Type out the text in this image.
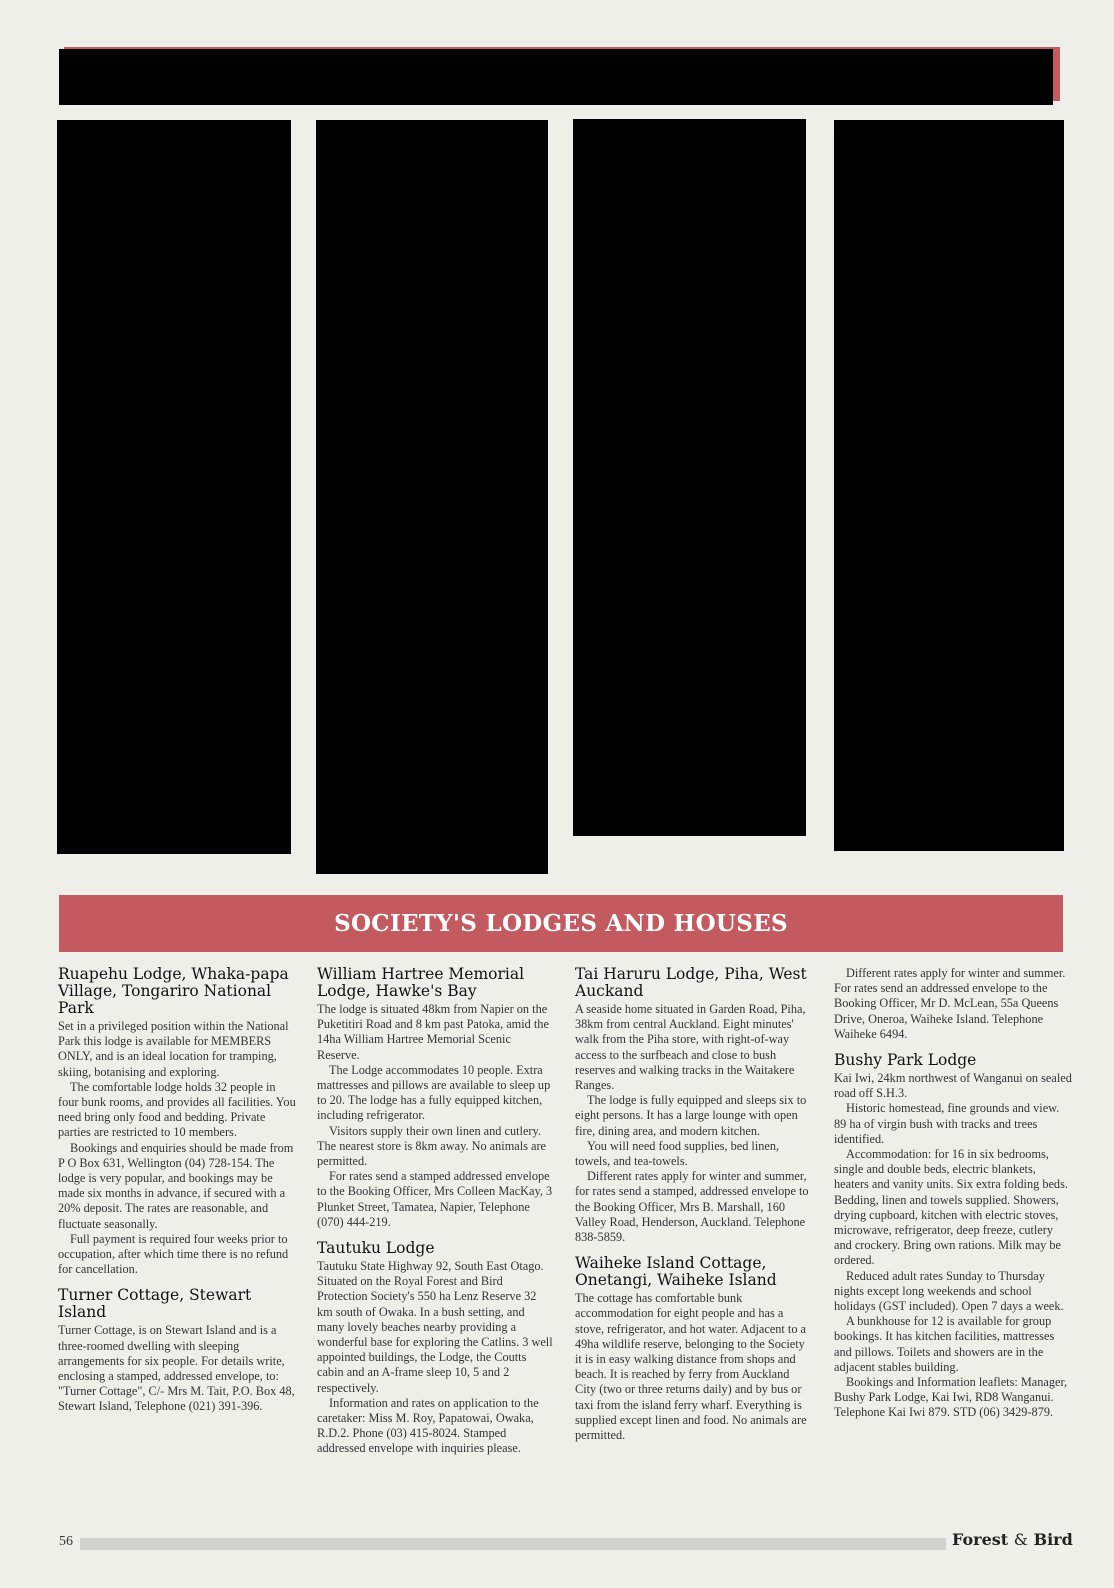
SOCIETY'S LODGES AND HOUSES
Ruapehu Lodge, Whaka-papa Village, Tongariro National Park

Set in a privileged position within the National Park this lodge is available for MEMBERS ONLY, and is an ideal location for tramping, skiing, botanising and exploring.

The comfortable lodge holds 32 people in four bunk rooms, and provides all facilities. You need bring only food and bedding. Private parties are restricted to 10 members.

Bookings and enquiries should be made from P O Box 631, Wellington (04) 728-154. The lodge is very popular, and bookings may be made six months in advance, if secured with a 20% deposit. The rates are reasonable, and fluctuate seasonally.

Full payment is required four weeks prior to occupation, after which time there is no refund for cancellation.

Turner Cottage, Stewart Island

Turner Cottage, is on Stewart Island and is a three-roomed dwelling with sleeping arrangements for six people. For details write, enclosing a stamped, addressed envelope, to: "Turner Cottage", C/- Mrs M. Tait, P.O. Box 48, Stewart Island, Telephone (021) 391-396.

William Hartree Memorial Lodge, Hawke's Bay

The lodge is situated 48km from Napier on the Puketitiri Road and 8 km past Patoka, amid the 14ha William Hartree Memorial Scenic Reserve.

The Lodge accommodates 10 people. Extra mattresses and pillows are available to sleep up to 20. The lodge has a fully equipped kitchen, including refrigerator.

Visitors supply their own linen and cutlery. The nearest store is 8km away. No animals are permitted.

For rates send a stamped addressed envelope to the Booking Officer, Mrs Colleen MacKay, 3 Plunket Street, Tamatea, Napier, Telephone (070) 444-219.

Tautuku Lodge

Tautuku State Highway 92, South East Otago. Situated on the Royal Forest and Bird Protection Society's 550 ha Lenz Reserve 32 km south of Owaka. In a bush setting, and many lovely beaches nearby providing a wonderful base for exploring the Catlins. 3 well appointed buildings, the Lodge, the Coutts cabin and an A-frame sleep 10, 5 and 2 respectively.

Information and rates on application to the caretaker: Miss M. Roy, Papatowai, Owaka, R.D.2. Phone (03) 415-8024. Stamped addressed envelope with inquiries please.

Tai Haruru Lodge, Piha, West Auckand

A seaside home situated in Garden Road, Piha, 38km from central Auckland. Eight minutes' walk from the Piha store, with right-of-way access to the surfbeach and close to bush reserves and walking tracks in the Waitakere Ranges.

The lodge is fully equipped and sleeps six to eight persons. It has a large lounge with open fire, dining area, and modern kitchen.

You will need food supplies, bed linen, towels, and tea-towels.

Different rates apply for winter and summer, for rates send a stamped, addressed envelope to the Booking Officer, Mrs B. Marshall, 160 Valley Road, Henderson, Auckland. Telephone 838-5859.

Waiheke Island Cottage, Onetangi, Waiheke Island

The cottage has comfortable bunk accommodation for eight people and has a stove, refrigerator, and hot water. Adjacent to a 49ha wildlife reserve, belonging to the Society it is in easy walking distance from shops and beach. It is reached by ferry from Auckland City (two or three returns daily) and by bus or taxi from the island ferry wharf. Everything is supplied except linen and food. No animals are permitted.

Different rates apply for winter and summer. For rates send an addressed envelope to the Booking Officer, Mr D. McLean, 55a Queens Drive, Oneroa, Waiheke Island. Telephone Waiheke 6494.

Bushy Park Lodge

Kai Iwi, 24km northwest of Wanganui on sealed road off S.H.3.

Historic homestead, fine grounds and view. 89 ha of virgin bush with tracks and trees identified.

Accommodation: for 16 in six bedrooms, single and double beds, electric blankets, heaters and vanity units. Six extra folding beds. Bedding, linen and towels supplied. Showers, drying cupboard, kitchen with electric stoves, microwave, refrigerator, deep freeze, cutlery and crockery. Bring own rations. Milk may be ordered.

Reduced adult rates Sunday to Thursday nights except long weekends and school holidays (GST included). Open 7 days a week.

A bunkhouse for 12 is available for group bookings. It has kitchen facilities, mattresses and pillows. Toilets and showers are in the adjacent stables building.

Bookings and Information leaflets: Manager, Bushy Park Lodge, Kai Iwi, RD8 Wanganui. Telephone Kai Iwi 879. STD (06) 3429-879.

56	Forest & Bird
